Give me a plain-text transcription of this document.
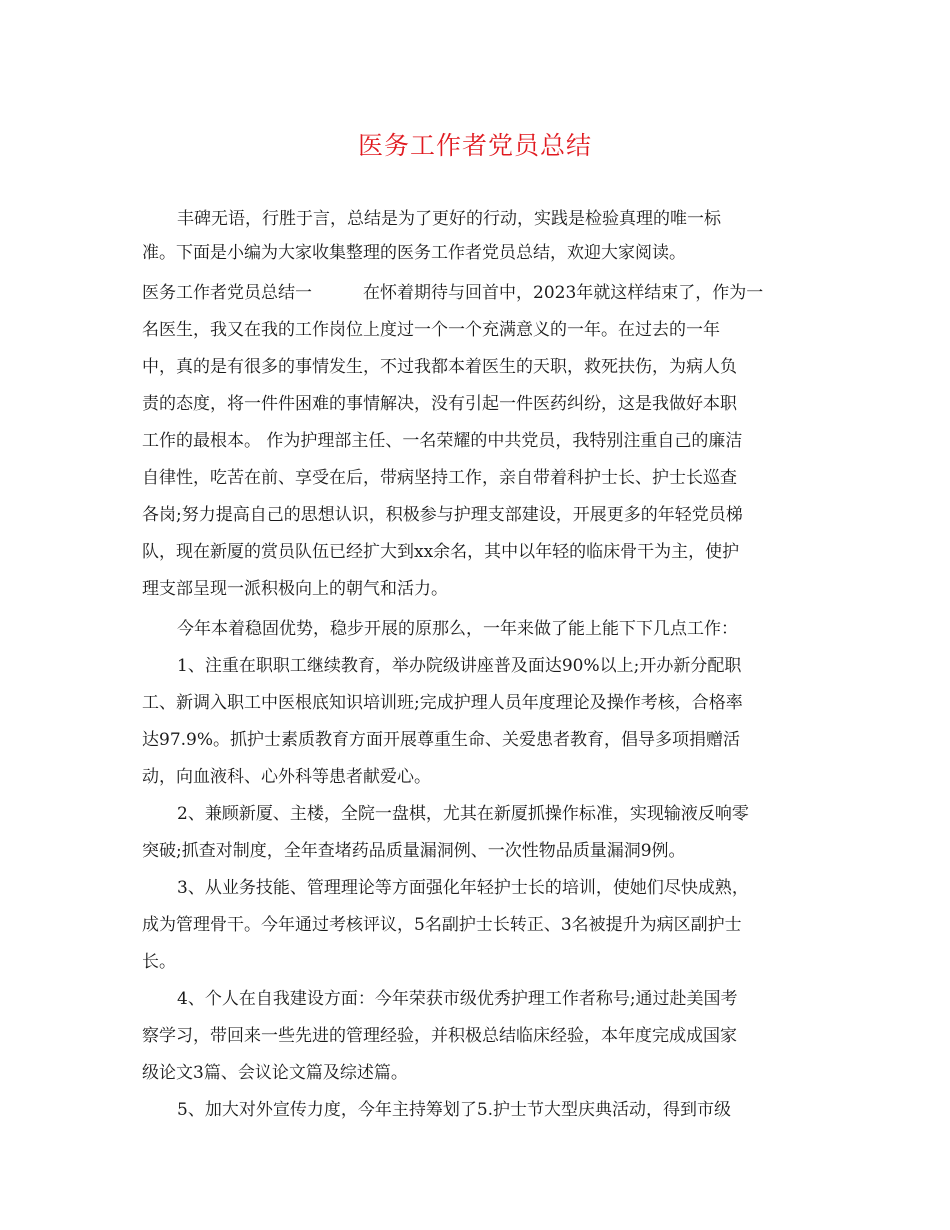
医务工作者党员总结
丰碑无语，行胜于言，总结是为了更好的行动，实践是检验真理的唯一标
准。下面是小编为大家收集整理的医务工作者党员总结，欢迎大家阅读。
医务工作者党员总结一　　　在怀着期待与回首中，2023年就这样结束了，作为一
名医生，我又在我的工作岗位上度过一个一个充满意义的一年。在过去的一年
中，真的是有很多的事情发生，不过我都本着医生的天职，救死扶伤，为病人负
责的态度，将一件件困难的事情解决，没有引起一件医药纠纷，这是我做好本职
工作的最根本。 作为护理部主任、一名荣耀的中共党员，我特别注重自己的廉洁
自律性，吃苦在前、享受在后，带病坚持工作，亲自带着科护士长、护士长巡查
各岗;努力提高自己的思想认识，积极参与护理支部建设，开展更多的年轻党员梯
队，现在新厦的赏员队伍已经扩大到xx余名，其中以年轻的临床骨干为主，使护
理支部呈现一派积极向上的朝气和活力。
今年本着稳固优势，稳步开展的原那么，一年来做了能上能下下几点工作：
1、注重在职职工继续教育，举办院级讲座普及面达90%以上;开办新分配职
工、新调入职工中医根底知识培训班;完成护理人员年度理论及操作考核，合格率
达97.9%。抓护士素质教育方面开展尊重生命、关爱患者教育，倡导多项捐赠活
动，向血液科、心外科等患者献爱心。
2、兼顾新厦、主楼，全院一盘棋，尤其在新厦抓操作标准，实现输液反响零
突破;抓查对制度，全年查堵药品质量漏洞例、一次性物品质量漏洞9例。
3、从业务技能、管理理论等方面强化年轻护士长的培训，使她们尽快成熟，
成为管理骨干。今年通过考核评议，5名副护士长转正、3名被提升为病区副护士
长。
4、个人在自我建设方面：今年荣获市级优秀护理工作者称号;通过赴美国考
察学习，带回来一些先进的管理经验，并积极总结临床经验，本年度完成成国家
级论文3篇、会议论文篇及综述篇。
5、加大对外宣传力度，今年主持筹划了5.护士节大型庆典活动，得到市级
